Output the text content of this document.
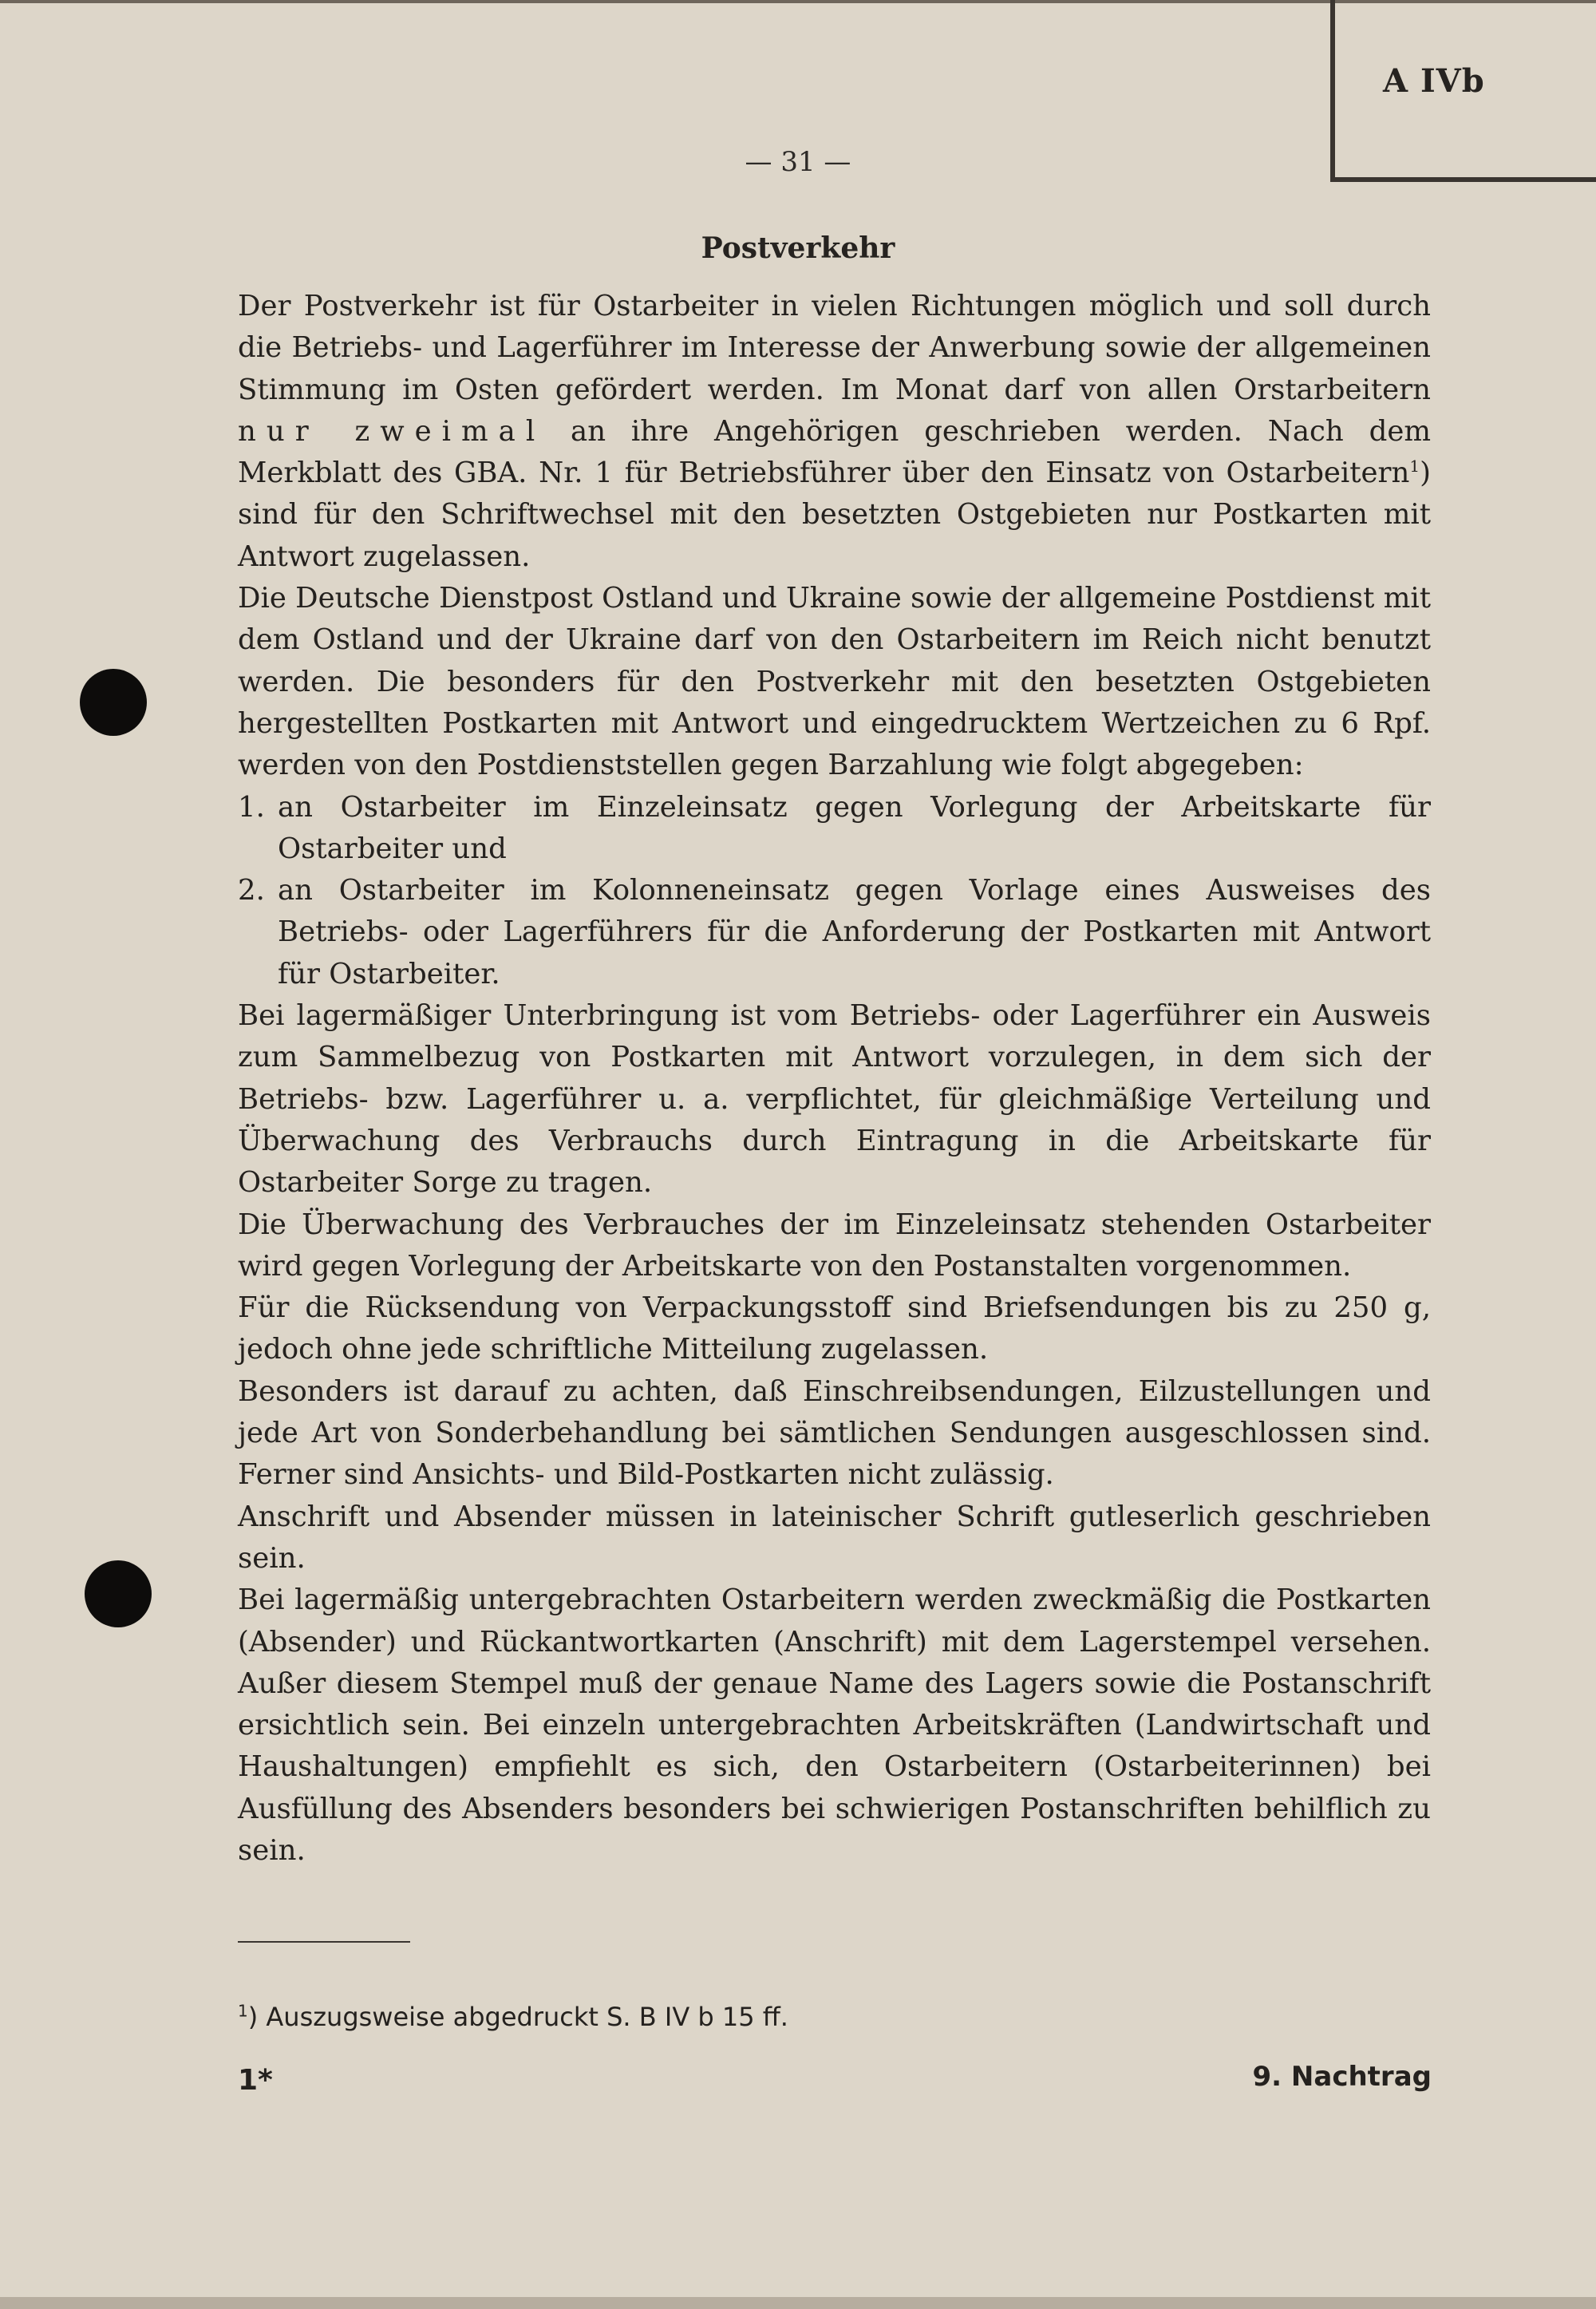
A IVb
— 31 —
Postverkehr

Der Postverkehr ist für Ostarbeiter in vielen Richtungen möglich und soll durch die Betriebs- und Lagerführer im Interesse der Anwerbung sowie der allgemeinen Stimmung im Osten gefördert werden. Im Monat darf von allen Orstarbeitern nur zweimal an ihre Angehörigen geschrieben werden. Nach dem Merkblatt des GBA. Nr. 1 für Betriebsführer über den Einsatz von Ostarbeitern$^1$) sind für den Schriftwechsel mit den besetzten Ostgebieten nur Postkarten mit Antwort zugelassen.

Die Deutsche Dienstpost Ostland und Ukraine sowie der allgemeine Postdienst mit dem Ostland und der Ukraine darf von den Ostarbeitern im Reich nicht benutzt werden. Die besonders für den Postverkehr mit den besetzten Ostgebieten hergestellten Postkarten mit Antwort und eingedrucktem Wertzeichen zu 6 Rpf. werden von den Postdienststellen gegen Barzahlung wie folgt abgegeben:

1. an Ostarbeiter im Einzeleinsatz gegen Vorlegung der Arbeitskarte für Ostarbeiter und

2. an Ostarbeiter im Kolonneneinsatz gegen Vorlage eines Ausweises des Betriebs- oder Lagerführers für die Anforderung der Postkarten mit Antwort für Ostarbeiter.

Bei lagermäßiger Unterbringung ist vom Betriebs- oder Lagerführer ein Ausweis zum Sammelbezug von Postkarten mit Antwort vorzulegen, in dem sich der Betriebs- bzw. Lagerführer u. a. verpflichtet, für gleichmäßige Verteilung und Überwachung des Verbrauchs durch Eintragung in die Arbeitskarte für Ostarbeiter Sorge zu tragen.

Die Überwachung des Verbrauches der im Einzeleinsatz stehenden Ostarbeiter wird gegen Vorlegung der Arbeitskarte von den Postanstalten vorgenommen.

Für die Rücksendung von Verpackungsstoff sind Briefsendungen bis zu 250 g, jedoch ohne jede schriftliche Mitteilung zugelassen.

Besonders ist darauf zu achten, daß Einschreibsendungen, Eilzustellungen und jede Art von Sonderbehandlung bei sämtlichen Sendungen ausgeschlossen sind. Ferner sind Ansichts- und Bild-Postkarten nicht zulässig.

Anschrift und Absender müssen in lateinischer Schrift gutleserlich geschrieben sein.

Bei lagermäßig untergebrachten Ostarbeitern werden zweckmäßig die Postkarten (Absender) und Rückantwortkarten (Anschrift) mit dem Lagerstempel versehen. Außer diesem Stempel muß der genaue Name des Lagers sowie die Postanschrift ersichtlich sein. Bei einzeln untergebrachten Arbeitskräften (Landwirtschaft und Haushaltungen) empfiehlt es sich, den Ostarbeitern (Ostarbeiterinnen) bei Ausfüllung des Absenders besonders bei schwierigen Postanschriften behilflich zu sein.

$^1$) Auszugsweise abgedruckt S. B IV b 15 ff.
1*	9. Nachtrag
